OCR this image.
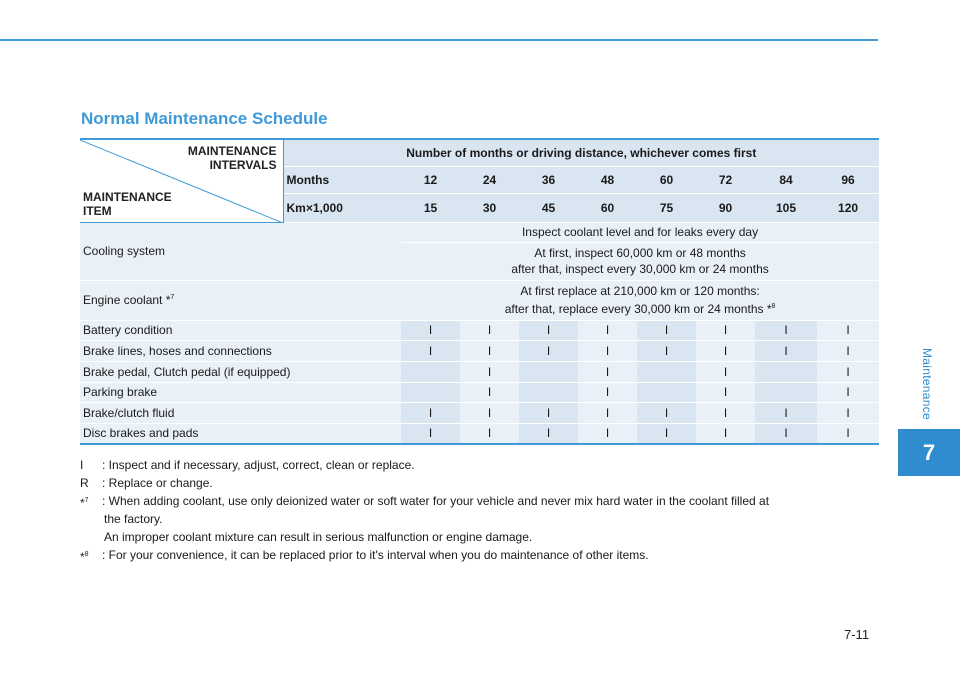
Normal Maintenance Schedule
Maintenance
7
MAINTENANCE
INTERVALS
MAINTENANCE
ITEM	Number of months or driving distance, whichever comes first								
	Months	12	24	36	48	60	72	84	96
	Km×1,000	15	30	45	60	75	90	105	120
Cooling system		Inspect coolant level and for leaks every day							

		At first, inspect 60,000 km or 48 months
after that, inspect every 30,000 km or 24 months							

Engine coolant *$^7$		At first replace at 210,000 km or 120 months:
after that, replace every 30,000 km or 24 months *$^8$

Battery condition		I	I	I	I	I	I	I	I
Brake lines, hoses and connections		I	I	I	I	I	I	I	I
Brake pedal, Clutch pedal (if equipped)			I		I		I		I
Parking brake			I		I		I		I
Brake/clutch fluid		I	I	I	I	I	I	I	I
Disc brakes and pads		I	I	I	I	I	I	I	I
I : Inspect and if necessary, adjust, correct, clean or replace.
R : Replace or change.
*$^7$ : When adding coolant, use only deionized water or soft water for your vehicle and never mix hard water in the coolant filled at
the factory.
An improper coolant mixture can result in serious malfunction or engine damage.
*$^8$ : For your convenience, it can be replaced prior to it's interval when you do maintenance of other items.
7-11
